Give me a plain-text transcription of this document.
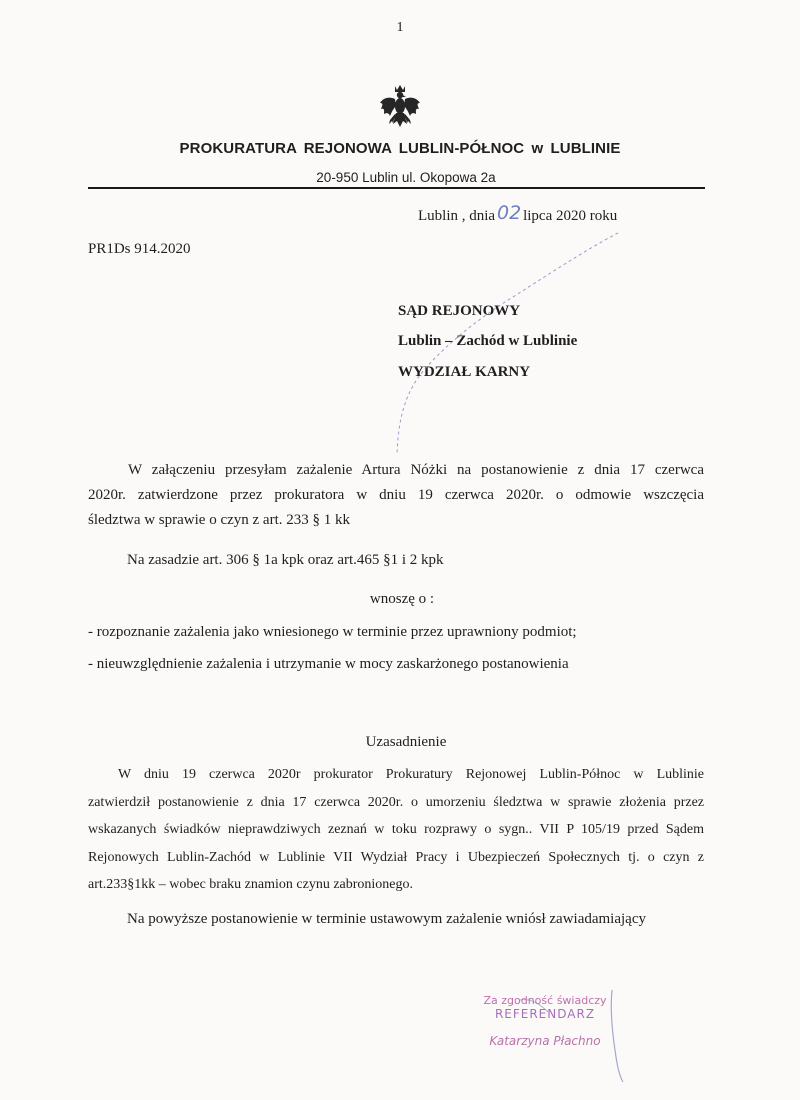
1
PROKURATURA REJONOWA LUBLIN-PÓŁNOC w LUBLINIE
20-950 Lublin ul. Okopowa 2a
Lublin , dnia 02 lipca 2020 roku
PR1Ds 914.2020
SĄD REJONOWY
Lublin – Zachód w Lublinie
WYDZIAŁ KARNY

W załączeniu przesyłam zażalenie Artura Nóżki na postanowienie z dnia 17 czerwca

2020r. zatwierdzone przez prokuratora w dniu 19 czerwca 2020r. o odmowie wszczęcia

śledztwa w sprawie o czyn z art. 233 § 1 kk

Na zasadzie art. 306 § 1a kpk oraz art.465 §1 i 2 kpk
wnoszę o :
- rozpoznanie zażalenia jako wniesionego w terminie przez uprawniony podmiot;
- nieuwzględnienie zażalenia i utrzymanie w mocy zaskarżonego postanowienia
Uzasadnienie

W dniu 19 czerwca 2020r prokurator Prokuratury Rejonowej Lublin-Północ w Lublinie

zatwierdził postanowienie z dnia 17 czerwca 2020r. o umorzeniu śledztwa w sprawie złożenia przez

wskazanych świadków nieprawdziwych zeznań w toku rozprawy o sygn.. VII P 105/19 przed Sądem

Rejonowych Lublin-Zachód w Lublinie VII Wydział Pracy i Ubezpieczeń Społecznych tj. o czyn z

art.233§1kk – wobec braku znamion czynu zabronionego.

Na powyższe postanowienie w terminie ustawowym zażalenie wniósł zawiadamiający
Za zgodność świadczy
REFERENDARZ
Katarzyna Płachno
